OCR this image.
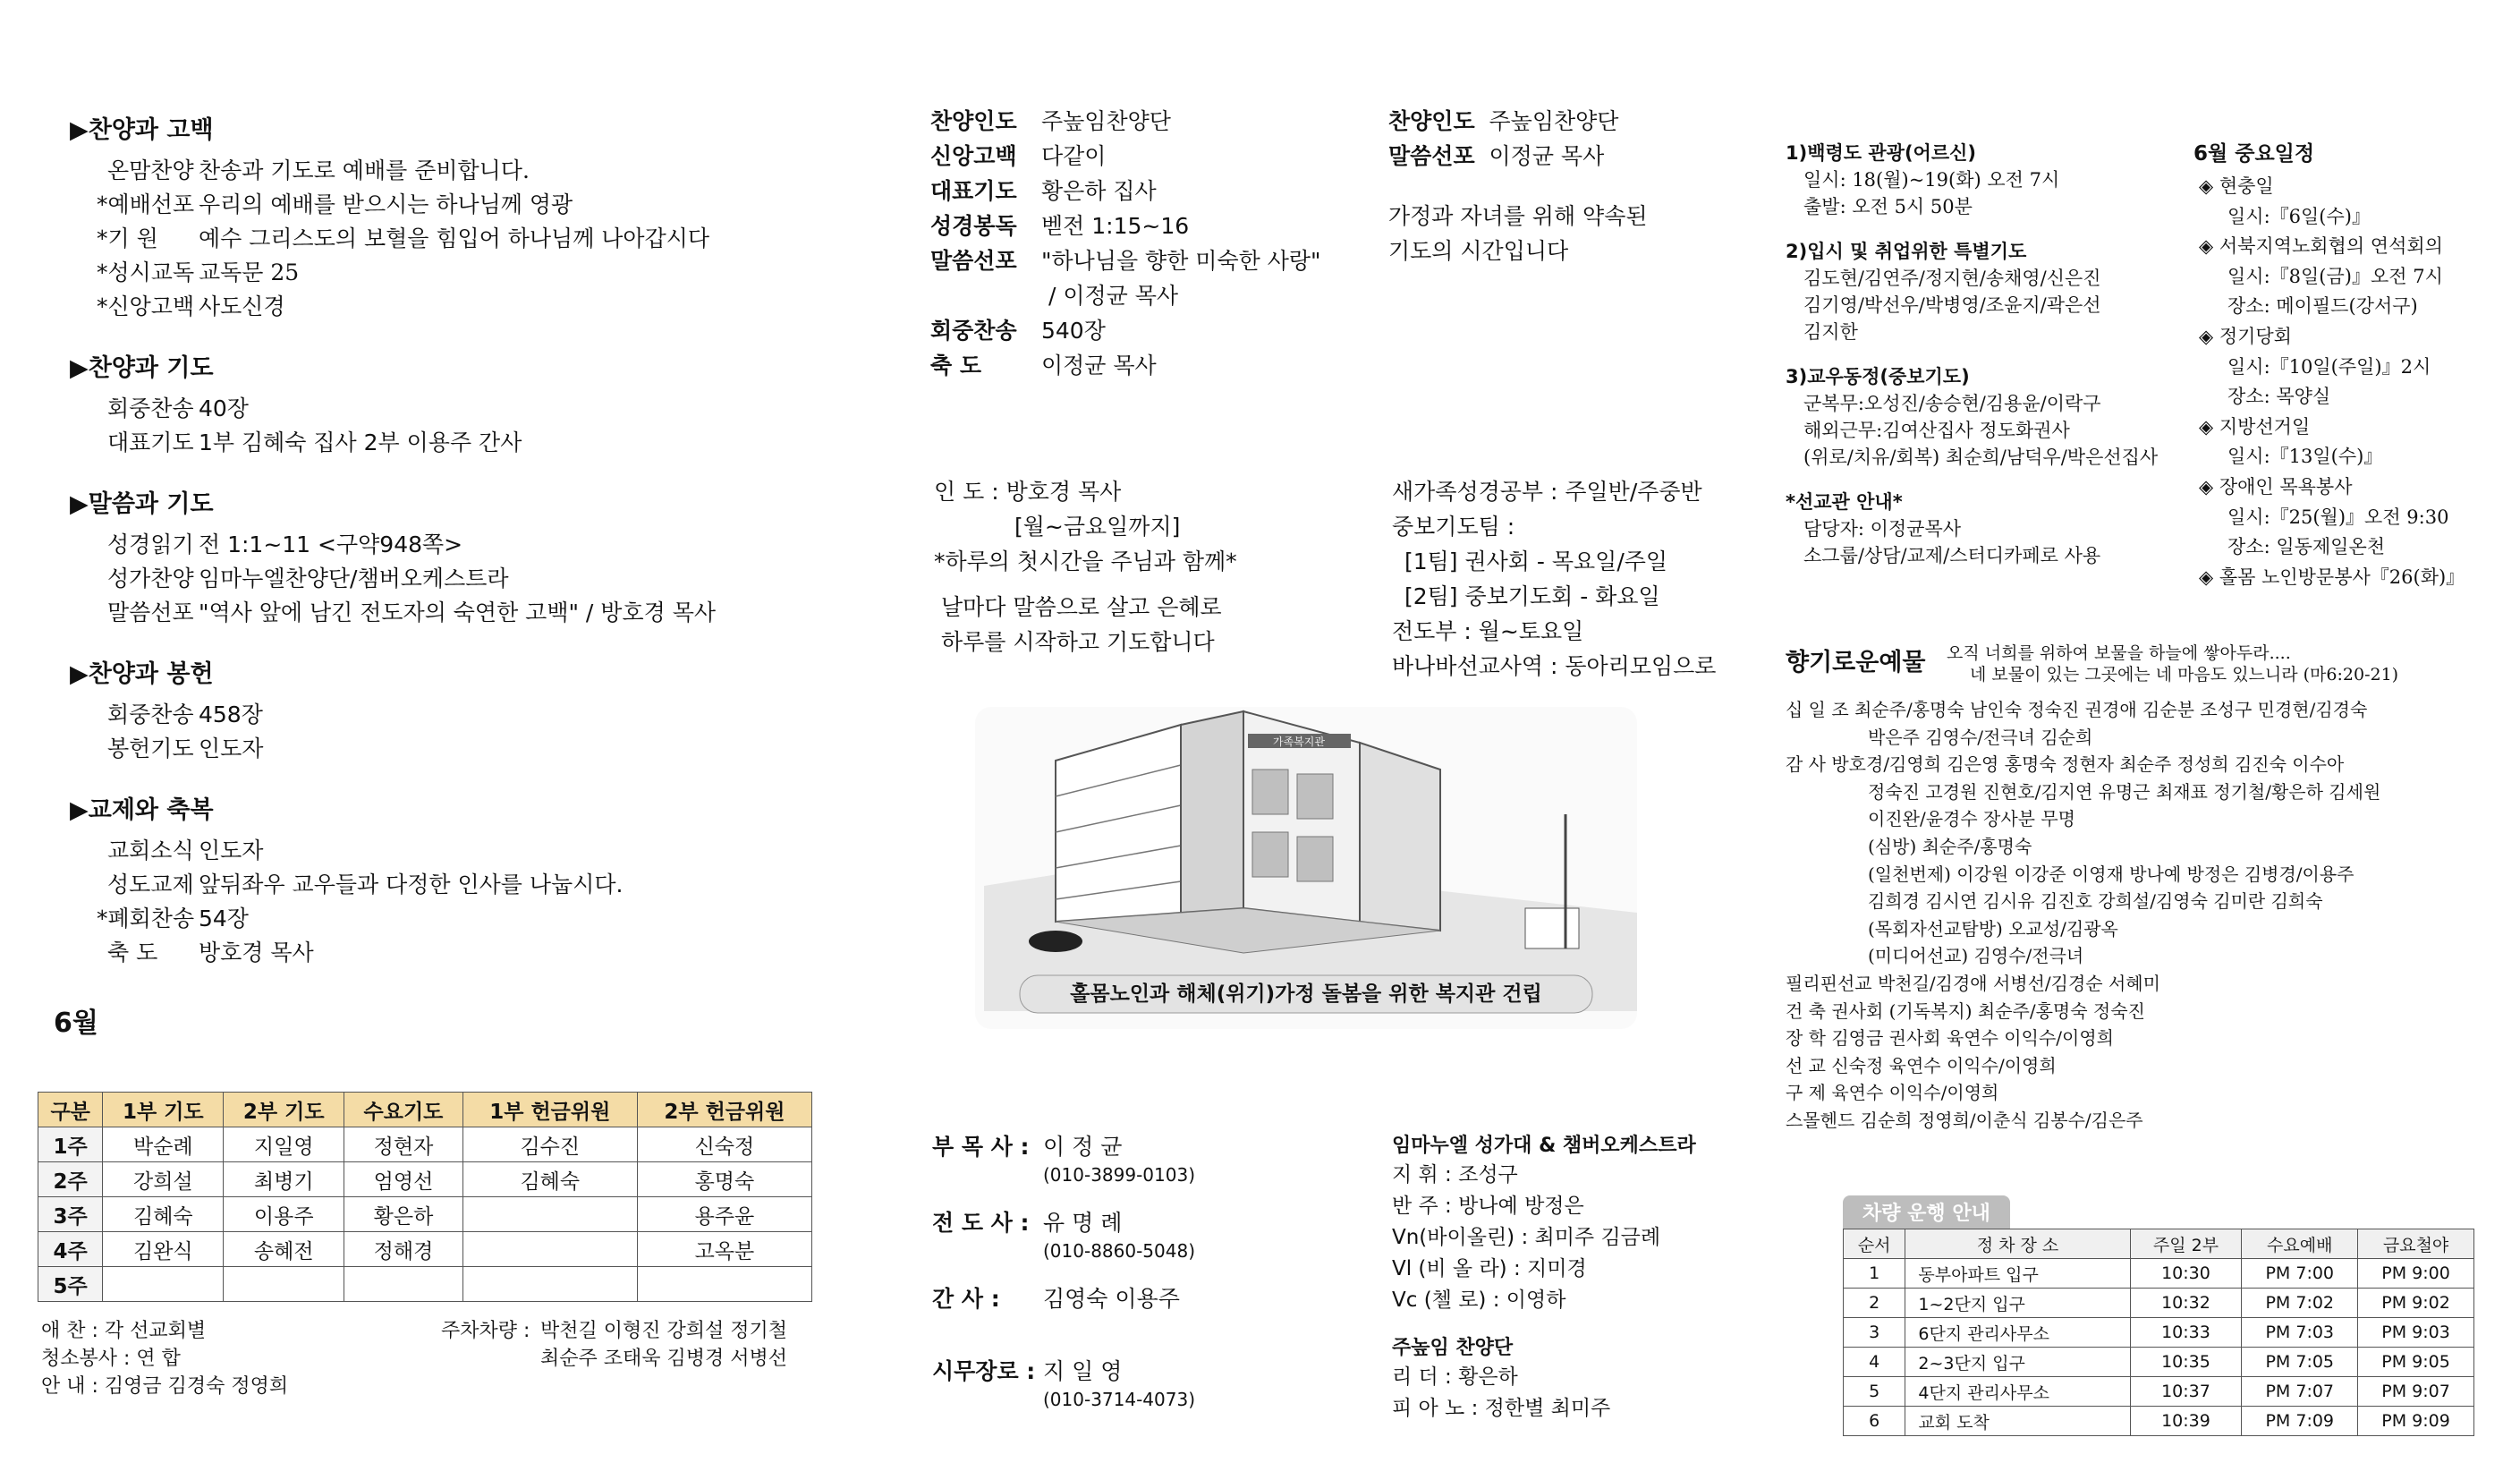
▶찬양과 고백
온맘찬양 찬송과 기도로 예배를 준비합니다.
*예배선포 우리의 예배를 받으시는 하나님께 영광
*기 원 예수 그리스도의 보혈을 힘입어 하나님께 나아갑시다
*성시교독 교독문 25
*신앙고백 사도신경
▶찬양과 기도
회중찬송 40장
대표기도 1부 김혜숙 집사 2부 이용주 간사
▶말씀과 기도
성경읽기 전 1:1~11 <구약948쪽>
성가찬양 임마누엘찬양단/챔버오케스트라
말씀선포 "역사 앞에 남긴 전도자의 숙연한 고백" / 방호경 목사
▶찬양과 봉헌
회중찬송 458장
봉헌기도 인도자
▶교제와 축복
교회소식 인도자
성도교제 앞뒤좌우 교우들과 다정한 인사를 나눕시다.
*폐회찬송 54장
축 도 방호경 목사
6월
구분	1부 기도	2부 기도	수요기도	1부 헌금위원	2부 헌금위원
1주	박순례	지일영	정현자	김수진	신숙정
2주	강희설	최병기	엄영선	김혜숙	홍명숙
3주	김혜숙	이용주	황은하		용주윤
4주	김완식	송혜전	정해경		고옥분
5주					
애 찬 : 각 선교회별
청소봉사 : 연 합
안 내 : 김영금 김경숙 정영희
주차차량 : 박천길 이형진 강희설 정기철
최순주 조태욱 김병경 서병선
찬양인도 주높임찬양단
신앙고백 다같이
대표기도 황은하 집사
성경봉독 벧전 1:15~16
말씀선포 "하나님을 향한 미숙한 사랑"
/ 이정균 목사
회중찬송 540장
축 도	이정균 목사
찬양인도 주높임찬양단
말씀선포 이정균 목사
가정과 자녀를 위해 약속된
기도의 시간입니다
인 도 : 방호경 목사
[월~금요일까지]
*하루의 첫시간을 주님과 함께*
날마다 말씀으로 살고 은혜로
하루를 시작하고 기도합니다
새가족성경공부 : 주일반/주중반
중보기도팀 :
[1팀] 권사회 - 목요일/주일
[2팀] 중보기도회 - 화요일
전도부 : 월~토요일
바나바선교사역 : 동아리모임으로
가족복지관
홀몸노인과 해체(위기)가정 돌봄을 위한 복지관 건립
부 목 사 : 이 정 균
(010-3899-0103)
전 도 사 : 유 명 례
(010-8860-5048)
간 사 : 김영숙 이용주
시무장로 : 지 일 영
(010-3714-4073)
임마누엘 성가대 & 챔버오케스트라
지 휘 : 조성구
반 주 : 방나예 방정은
Vn(바이올린) : 최미주 김금례
Vl (비 올 라) : 지미경
Vc (첼 로) : 이영하
주높임 찬양단
리 더 : 황은하
피 아 노 : 정한별 최미주
1)백령도 관광(어르신)
일시: 18(월)~19(화) 오전 7시
출발: 오전 5시 50분
2)입시 및 취업위한 특별기도
김도현/김연주/정지현/송채영/신은진
김기영/박선우/박병영/조윤지/곽은선
김지한
3)교우동정(중보기도)
군복무:오성진/송승현/김용윤/이락구
해외근무:김여산집사 정도화권사
(위로/치유/회복) 최순희/남덕우/박은선집사
*선교관 안내*
담당자: 이정균목사
소그룹/상담/교제/스터디카페로 사용
6월 중요일정
◈ 현충일
일시:『6일(수)』
◈ 서북지역노회협의 연석회의
일시:『8일(금)』오전 7시
장소: 메이필드(강서구)
◈ 정기당회
일시:『10일(주일)』2시
장소: 목양실
◈ 지방선거일
일시:『13일(수)』
◈ 장애인 목욕봉사
일시:『25(월)』오전 9:30
장소: 일동제일온천
◈ 홀몸 노인방문봉사『26(화)』
향기로운예물 오직 너희를 위하여 보물을 하늘에 쌓아두라....
네 보물이 있는 그곳에는 네 마음도 있느니라 (마6:20-21)
십 일 조 최순주/홍명숙 남인숙 정숙진 권경애 김순분 조성구 민경현/김경숙
박은주 김영수/전극녀 김순희
감 사 방호경/김영희 김은영 홍명숙 정현자 최순주 정성희 김진숙 이수아
정숙진 고경원 진현호/김지연 유명근 최재표 정기철/황은하 김세원
이진완/윤경수 장사분 무명
(심방) 최순주/홍명숙
(일천번제) 이강원 이강준 이영재 방나예 방정은 김병경/이용주
김희경 김시연 김시유 김진호 강희설/김영숙 김미란 김희숙
(목회자선교탐방) 오교성/김광옥
(미디어선교) 김영수/전극녀
필리핀선교 박천길/김경애 서병선/김경순 서혜미
건 축 권사회 (기독복지) 최순주/홍명숙 정숙진
장 학 김영금 권사회 육연수 이익수/이영희
선 교 신숙정 육연수 이익수/이영희
구 제 육연수 이익수/이영희
스몰헨드 김순희 정영희/이춘식 김봉수/김은주
차량 운행 안내
순서	정 차 장 소	주일 2부	수요예배	금요철야
1	동부아파트 입구	10:30	PM 7:00	PM 9:00
2	1~2단지 입구	10:32	PM 7:02	PM 9:02
3	6단지 관리사무소	10:33	PM 7:03	PM 9:03
4	2~3단지 입구	10:35	PM 7:05	PM 9:05
5	4단지 관리사무소	10:37	PM 7:07	PM 9:07
6	교회 도착	10:39	PM 7:09	PM 9:09
